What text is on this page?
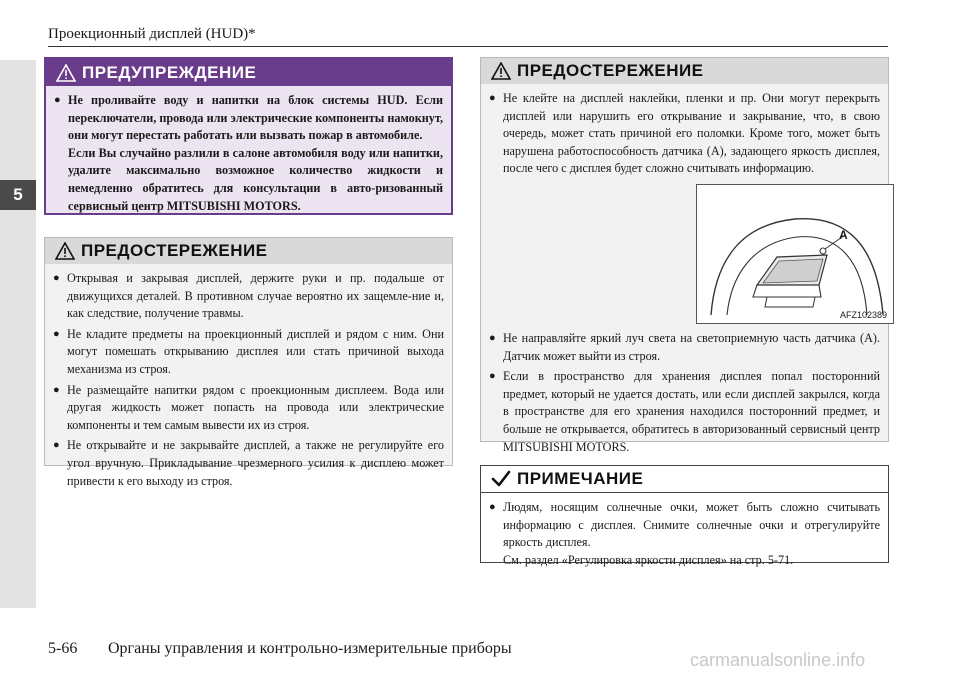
5
Проекционный дисплей (HUD)*
ПРЕДУПРЕЖДЕНИЕ
● Не проливайте воду и напитки на блок системы HUD. Если переключатели, провода или электрические компоненты намокнут, они могут перестать работать или вызвать пожар в автомобиле.
Если Вы случайно разлили в салоне автомобиля воду или напитки, удалите максимально возможное количество жидкости и немедленно обратитесь для консультации в авто-ризованный сервисный центр MITSUBISHI MOTORS.
ПРЕДОСТЕРЕЖЕНИЕ
● Открывая и закрывая дисплей, держите руки и пр. подальше от движущихся деталей. В противном случае вероятно их защемле-ние и, как следствие, получение травмы.
● Не кладите предметы на проекционный дисплей и рядом с ним. Они могут помешать открыванию дисплея или стать причиной выхода механизма из строя.
● Не размещайте напитки рядом с проекционным дисплеем. Вода или другая жидкость может попасть на провода или электрические компоненты и тем самым вывести их из строя.
● Не открывайте и не закрывайте дисплей, а также не регулируйте его угол вручную. Прикладывание чрезмерного усилия к дисплею может привести к его выходу из строя.
ПРЕДОСТЕРЕЖЕНИЕ
● Не клейте на дисплей наклейки, пленки и пр. Они могут перекрыть дисплей или нарушить его открывание и закрывание, что, в свою очередь, может стать причиной его поломки. Кроме того, может быть нарушена работоспособность датчика (A), задающего яркость дисплея, после чего с дисплея будет сложно считывать информацию.
A
AFZ102389
● Не направляйте яркий луч света на светоприемную часть датчика (A). Датчик может выйти из строя.
● Если в пространство для хранения дисплея попал посторонний предмет, который не удается достать, или если дисплей закрылся, когда в пространстве для его хранения находился посторонний предмет, и больше не открывается, обратитесь в авторизованный сервисный центр MITSUBISHI MOTORS.
ПРИМЕЧАНИЕ
● Людям, носящим солнечные очки, может быть сложно считывать информацию с дисплея. Снимите солнечные очки и отрегулируйте яркость дисплея.
См. раздел «Регулировка яркости дисплея» на стр. 5-71.
5-66 Органы управления и контрольно-измерительные приборы
carmanualsonline.info
